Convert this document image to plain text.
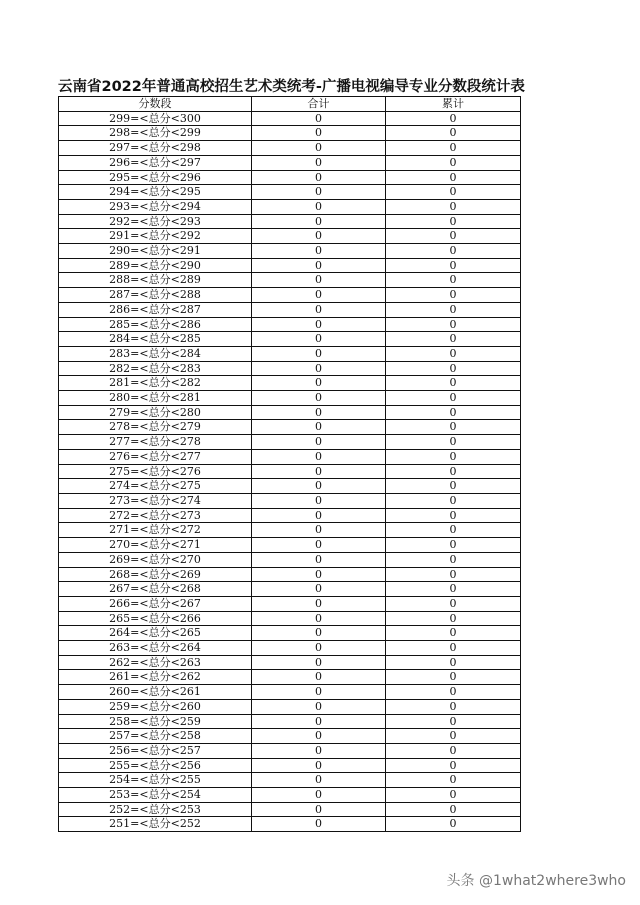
云南省2022年普通高校招生艺术类统考-广播电视编导专业分数段统计表
分数段	合计	累计
299=<总分<300	0	0
298=<总分<299	0	0
297=<总分<298	0	0
296=<总分<297	0	0
295=<总分<296	0	0
294=<总分<295	0	0
293=<总分<294	0	0
292=<总分<293	0	0
291=<总分<292	0	0
290=<总分<291	0	0
289=<总分<290	0	0
288=<总分<289	0	0
287=<总分<288	0	0
286=<总分<287	0	0
285=<总分<286	0	0
284=<总分<285	0	0
283=<总分<284	0	0
282=<总分<283	0	0
281=<总分<282	0	0
280=<总分<281	0	0
279=<总分<280	0	0
278=<总分<279	0	0
277=<总分<278	0	0
276=<总分<277	0	0
275=<总分<276	0	0
274=<总分<275	0	0
273=<总分<274	0	0
272=<总分<273	0	0
271=<总分<272	0	0
270=<总分<271	0	0
269=<总分<270	0	0
268=<总分<269	0	0
267=<总分<268	0	0
266=<总分<267	0	0
265=<总分<266	0	0
264=<总分<265	0	0
263=<总分<264	0	0
262=<总分<263	0	0
261=<总分<262	0	0
260=<总分<261	0	0
259=<总分<260	0	0
258=<总分<259	0	0
257=<总分<258	0	0
256=<总分<257	0	0
255=<总分<256	0	0
254=<总分<255	0	0
253=<总分<254	0	0
252=<总分<253	0	0
251=<总分<252	0	0
头条 @1what2where3who
